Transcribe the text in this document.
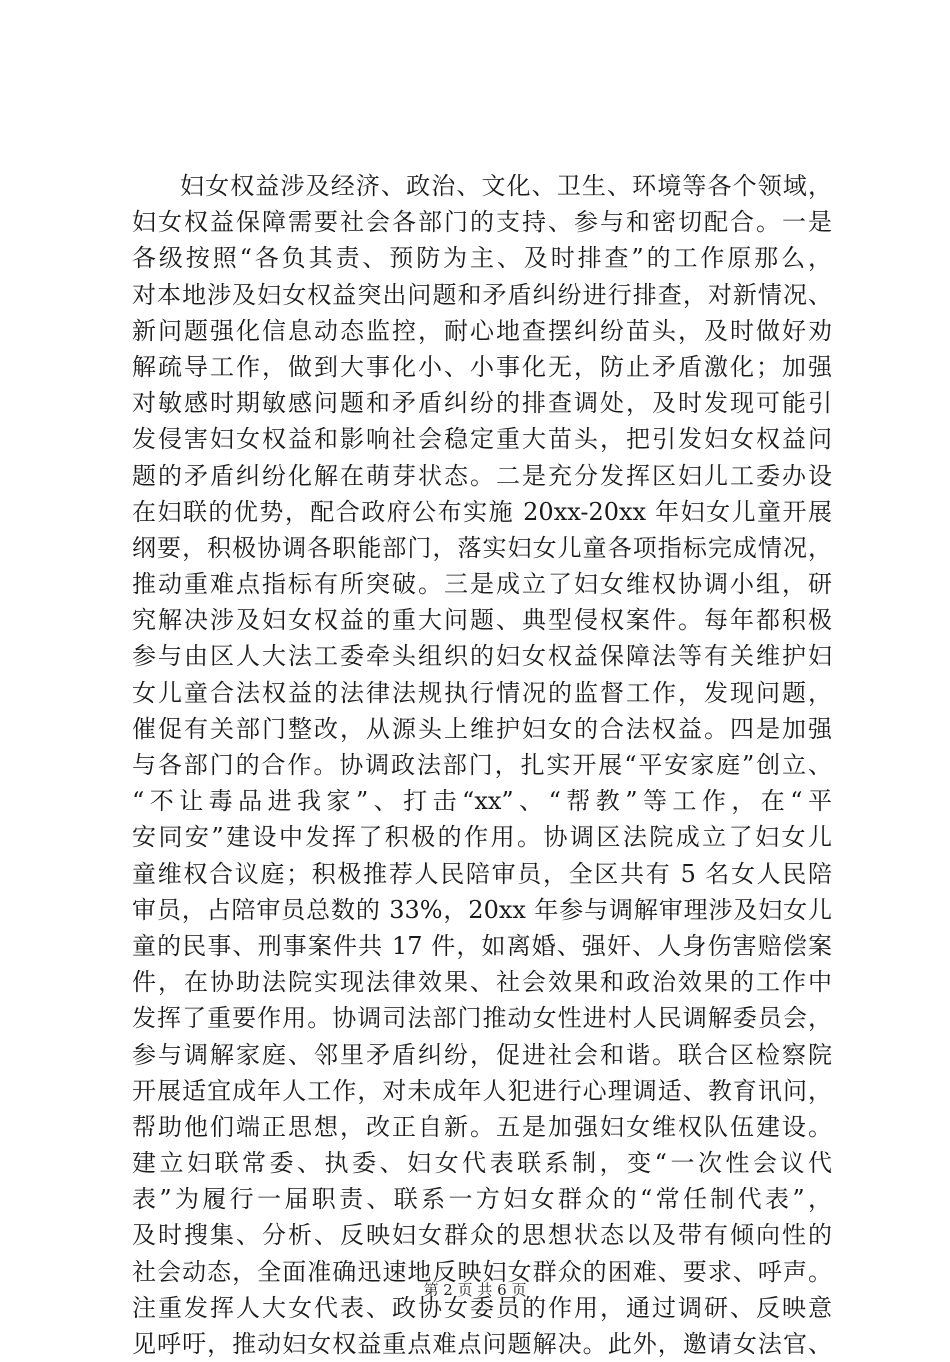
妇女权益涉及经济、政治、文化、卫生、环境等各个领域，
妇女权益保障需要社会各部门的支持、参与和密切配合。一是
各级按照“各负其责、预防为主、及时排查”的工作原那么，
对本地涉及妇女权益突出问题和矛盾纠纷进行排查，对新情况、
新问题强化信息动态监控，耐心地查摆纠纷苗头，及时做好劝
解疏导工作，做到大事化小、小事化无，防止矛盾激化；加强
对敏感时期敏感问题和矛盾纠纷的排查调处，及时发现可能引
发侵害妇女权益和影响社会稳定重大苗头，把引发妇女权益问
题的矛盾纠纷化解在萌芽状态。二是充分发挥区妇儿工委办设
在妇联的优势，配合政府公布实施 20xx-20xx 年妇女儿童开展
纲要，积极协调各职能部门，落实妇女儿童各项指标完成情况，
推动重难点指标有所突破。三是成立了妇女维权协调小组，研
究解决涉及妇女权益的重大问题、典型侵权案件。每年都积极
参与由区人大法工委牵头组织的妇女权益保障法等有关维护妇
女儿童合法权益的法律法规执行情况的监督工作，发现问题，
催促有关部门整改，从源头上维护妇女的合法权益。四是加强
与各部门的合作。协调政法部门，扎实开展“平安家庭”创立、
“不让毒品进我家”、打击“xx”、“帮教”等工作，在“平
安同安”建设中发挥了积极的作用。协调区法院成立了妇女儿
童维权合议庭；积极推荐人民陪审员，全区共有 5 名女人民陪
审员，占陪审员总数的 33%，20xx 年参与调解审理涉及妇女儿
童的民事、刑事案件共 17 件，如离婚、强奸、人身伤害赔偿案
件，在协助法院实现法律效果、社会效果和政治效果的工作中
发挥了重要作用。协调司法部门推动女性进村人民调解委员会，
参与调解家庭、邻里矛盾纠纷，促进社会和谐。联合区检察院
开展适宜成年人工作，对未成年人犯进行心理调适、教育讯问，
帮助他们端正思想，改正自新。五是加强妇女维权队伍建设。
建立妇联常委、执委、妇女代表联系制，变“一次性会议代
表”为履行一届职责、联系一方妇女群众的“常任制代表”，
及时搜集、分析、反映妇女群众的思想状态以及带有倾向性的
社会动态，全面准确迅速地反映妇女群众的困难、要求、呼声。
注重发挥人大女代表、政协女委员的作用，通过调研、反映意
见呼吁，推动妇女权益重点难点问题解决。此外，邀请女法官、
第 2 页 共 6 页
